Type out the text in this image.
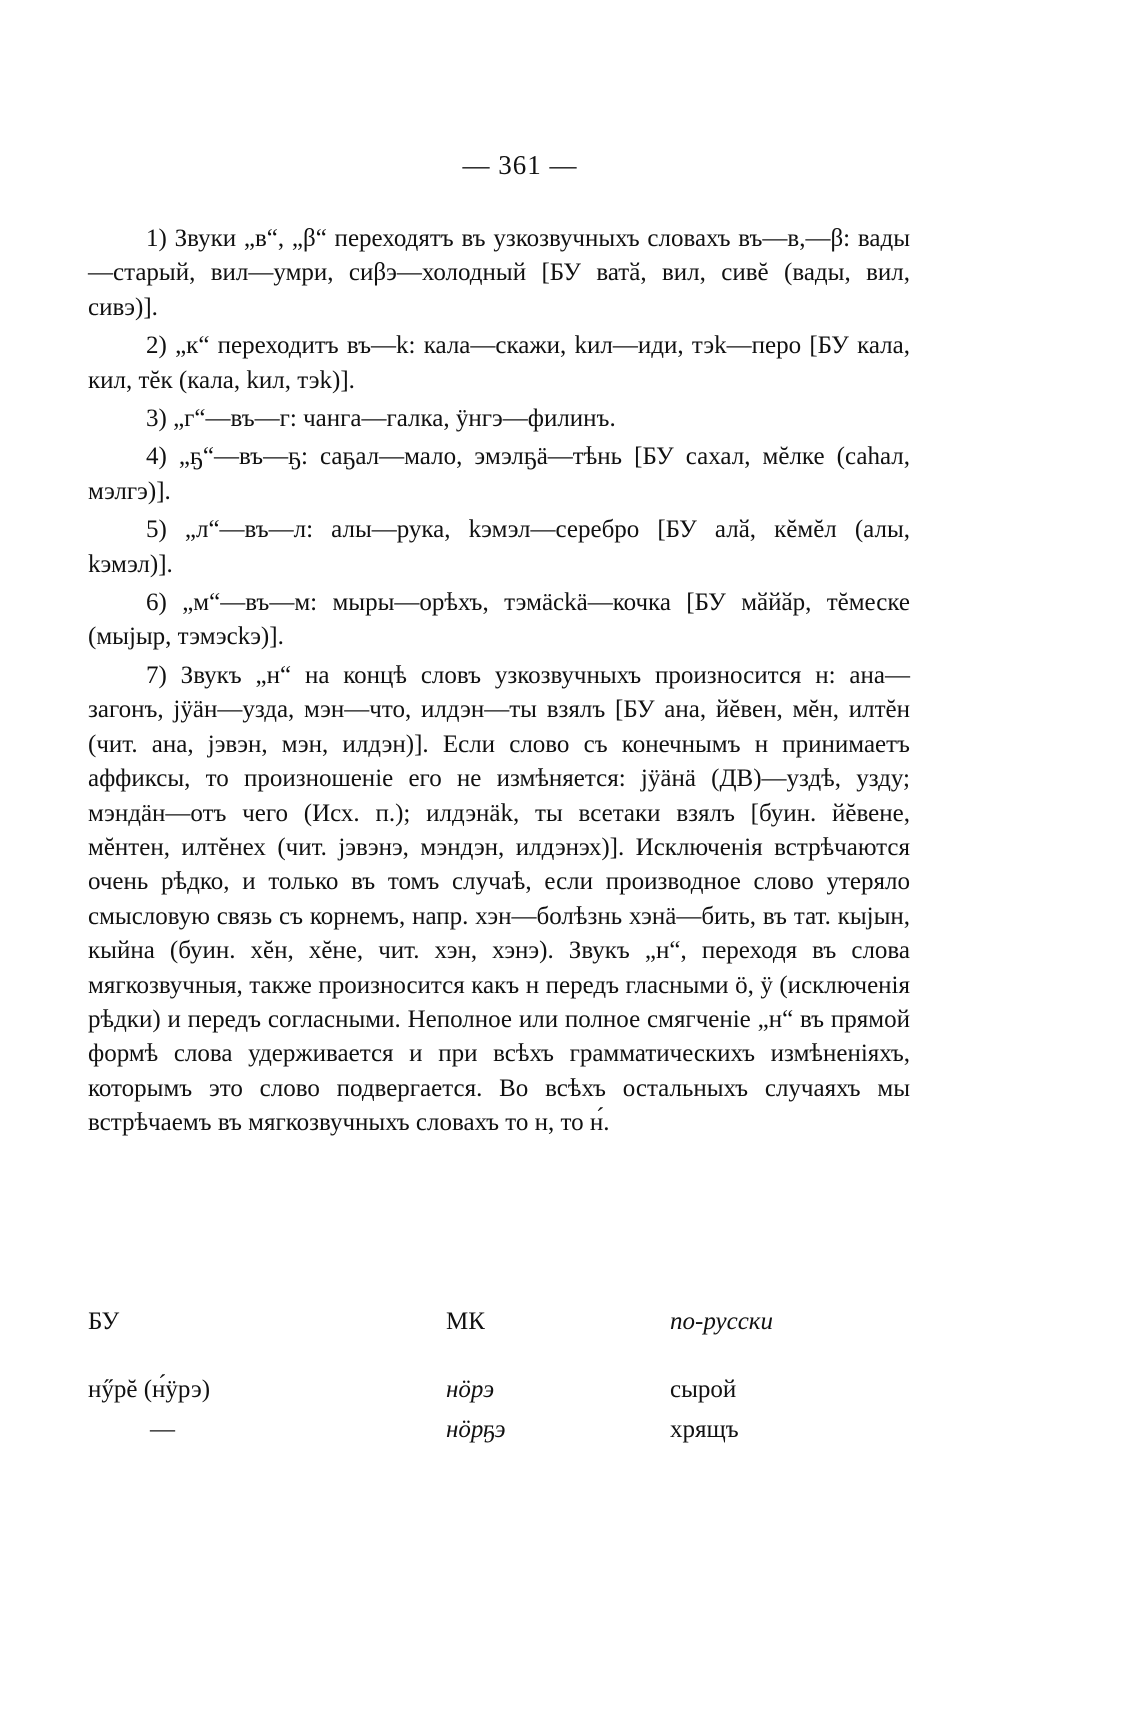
— 361 —

1) Звуки „в“, „β“ переходятъ въ узкозвучныхъ словахъ въ—в,—β: вады—старый, вил—умри, сиβэ—холодный [БУ ватӑ, вил, сивĕ (вады, вил, сивэ)].

2) „к“ переходитъ въ—k: кала—скажи, kил—иди, тэk—перо [БУ кала, кил, тĕк (кала, kил, тэk)].

3) „г“—въ—г: чанга—галка, ÿнгэ—филинъ.

4) „ҕ“—въ—ҕ: саҕал—мало, эмэлҕä—тѣнь [БУ сахал, мĕлке (саhал, мэлгэ)].

5) „л“—въ—л: алы—рука, kэмэл—серебро [БУ алӑ, кĕмĕл (алы, kэмэл)].

6) „м“—въ—м: мыры—орѣхъ, тэмäсkä—кочка [БУ мӑйӑр, тĕмеске (мыјыр, тэмэсkэ)].

7) Звукъ „н“ на концѣ словъ узкозвучныхъ произносится н: ана—загонъ, јÿäн—узда, мэн—что, илдэн—ты взялъ [БУ ана, йĕвен, мĕн, илтĕн (чит. ана, јэвэн, мэн, илдэн)]. Если слово съ конечнымъ н принимаетъ аффиксы, то произношеніе его не измѣняется: јÿäнä (ДВ)—уздѣ, узду; мэндäн—отъ чего (Исх. п.); илдэнäk, ты всетаки взялъ [буин. йĕвене, мĕнтен, илтĕнех (чит. јэвэнэ, мэндэн, илдэнэх)]. Исключенія встрѣчаются очень рѣдко, и только въ томъ случаѣ, если производное слово утеряло смысловую связь съ корнемъ, напр. хэн—болѣзнь хэнä—бить, въ тат. кыјын, кыйна (буин. хĕн, хĕне, чит. хэн, хэнэ). Звукъ „н“, переходя въ слова мягкозвучныя, также произносится какъ н передъ гласными ö, ÿ (исключенія рѣдки) и передъ согласными. Неполное или полное смягченіе „н“ въ прямой формѣ слова удерживается и при всѣхъ грамматическихъ измѣненіяхъ, которымъ это слово подвергается. Во всѣхъ остальныхъ случаяхъ мы встрѣчаемъ въ мягкозвучныхъ словахъ то н, то н́.

БУ	МК	по-русски
нӳрĕ (н́ÿрэ)	нöрэ	сырой
—	нöрҕэ	хрящъ
